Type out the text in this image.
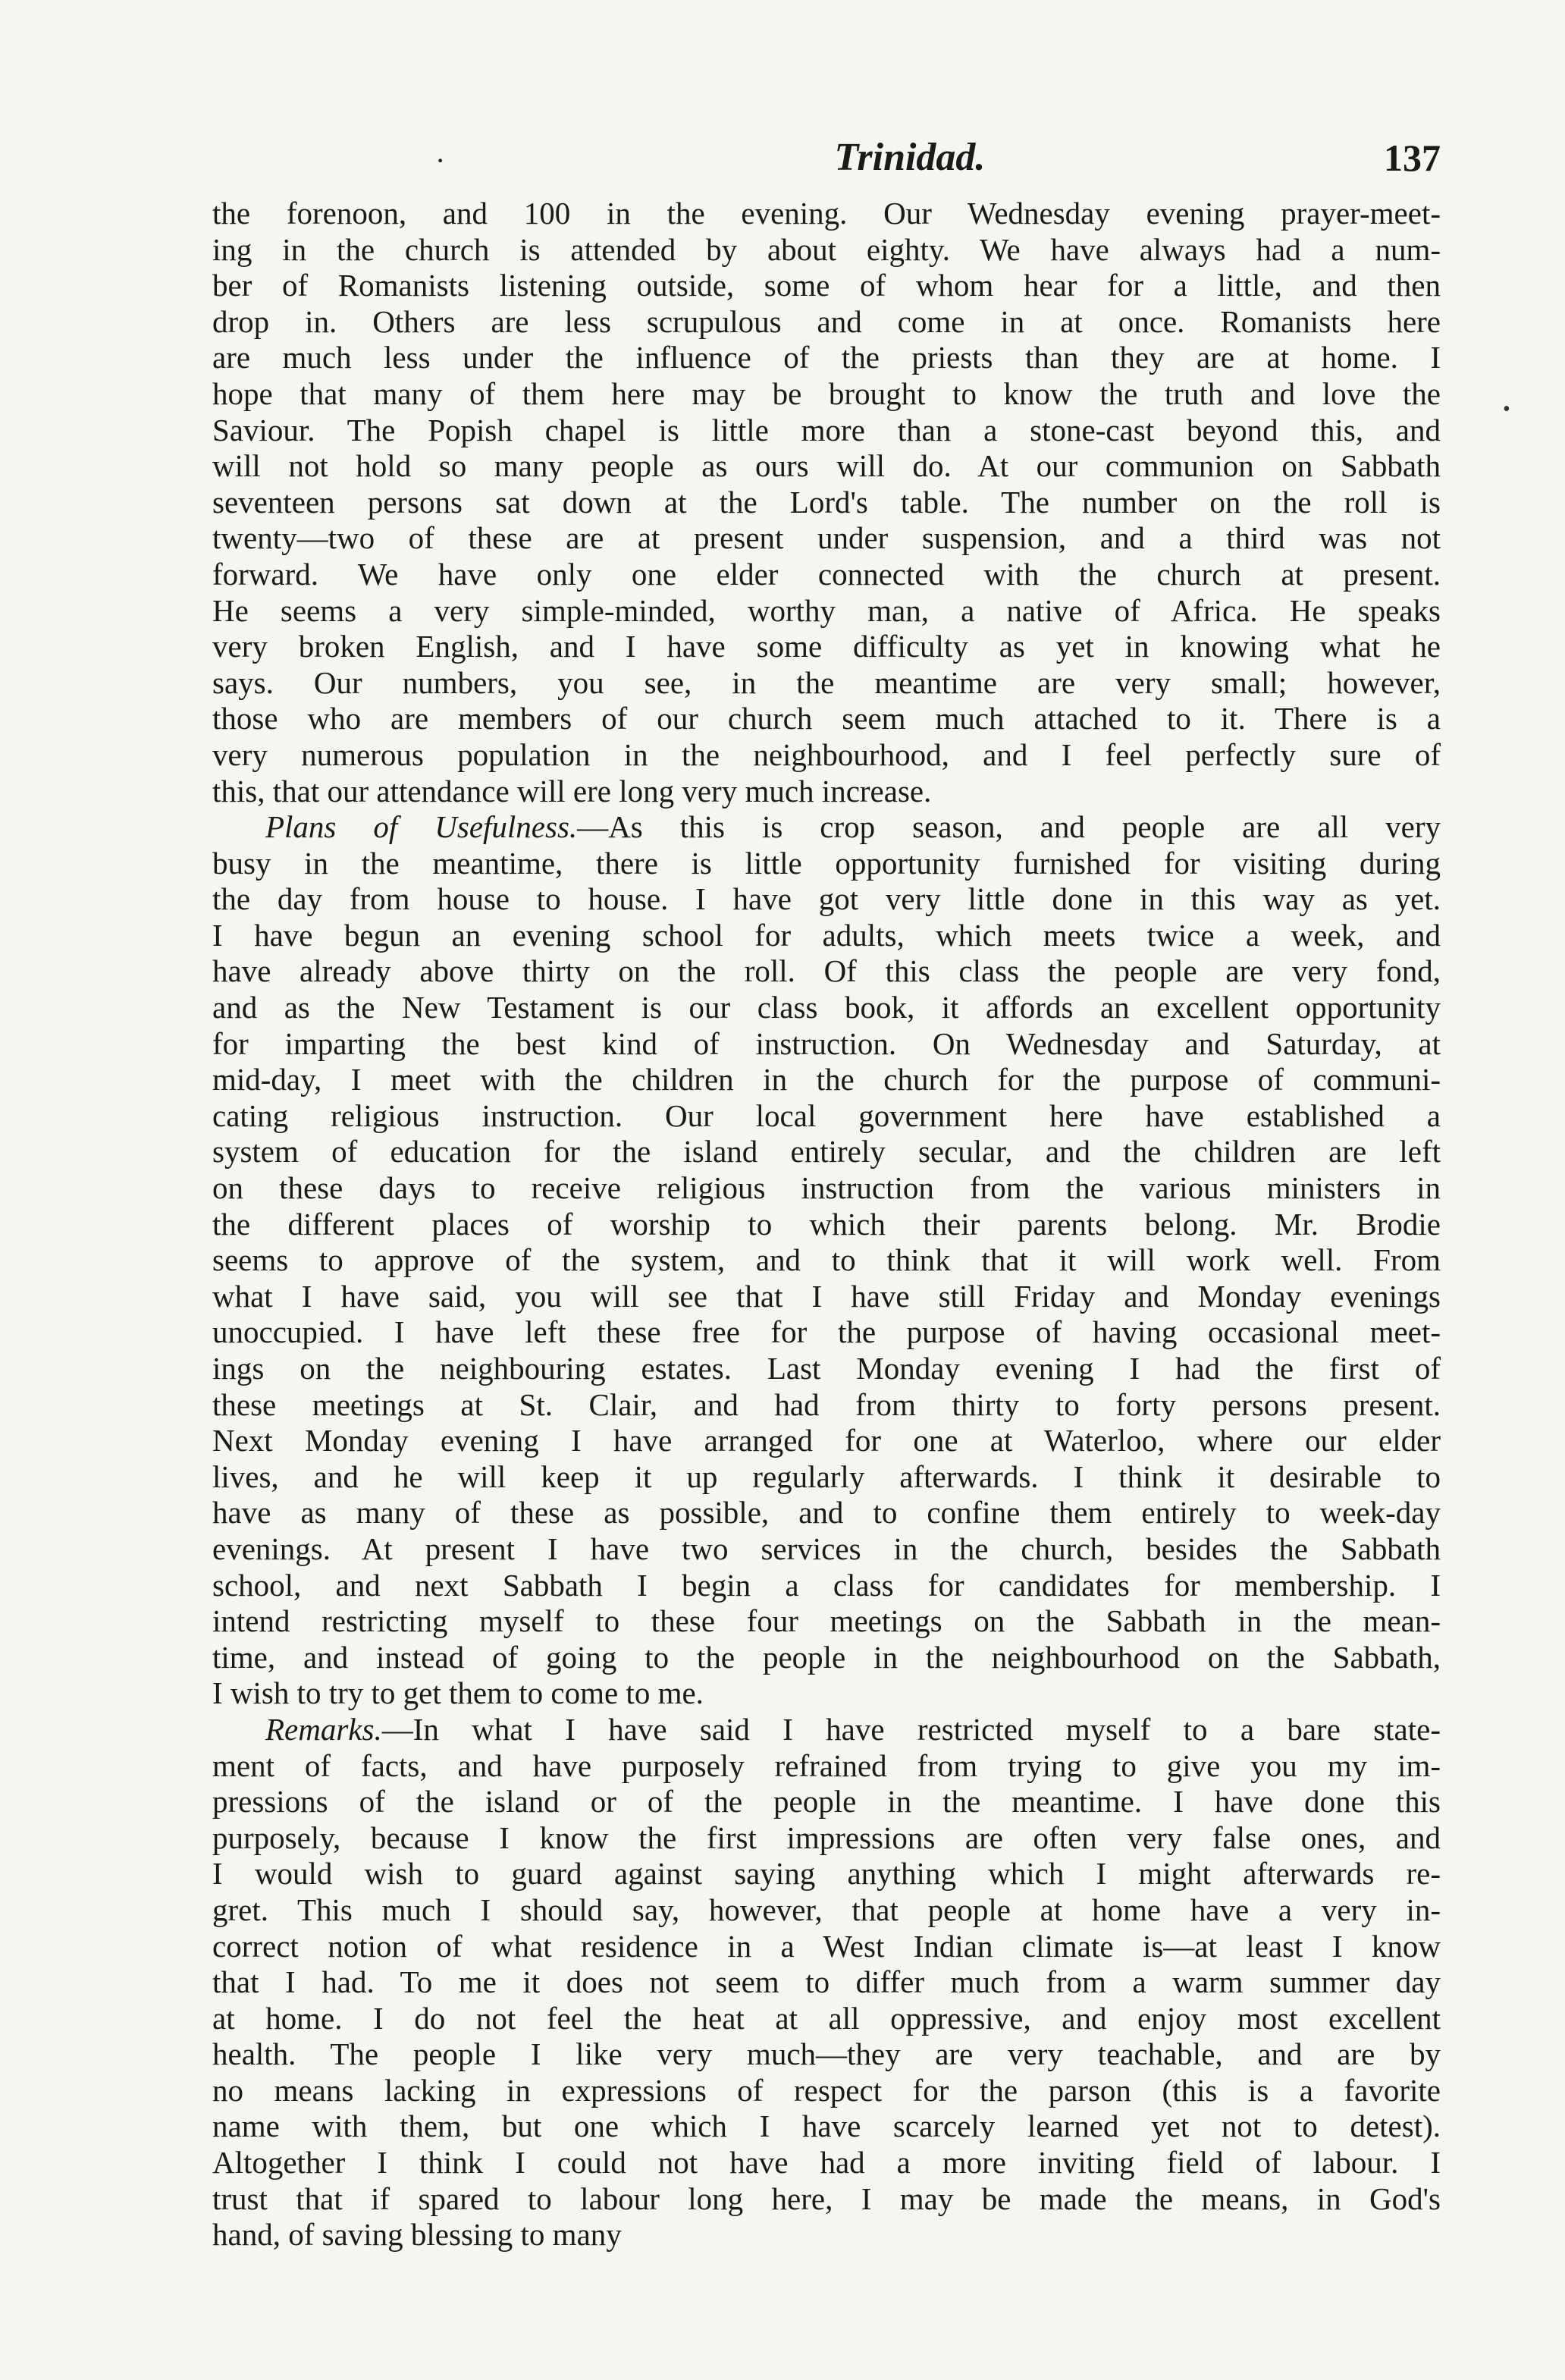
·	Trinidad.	137
•
the forenoon, and 100 in the evening. Our Wednesday evening prayer-meet-
ing in the church is attended by about eighty. We have always had a num-
ber of Romanists listening outside, some of whom hear for a little, and then
drop in. Others are less scrupulous and come in at once. Romanists here
are much less under the influence of the priests than they are at home. I
hope that many of them here may be brought to know the truth and love the
Saviour. The Popish chapel is little more than a stone-cast beyond this, and
will not hold so many people as ours will do. At our communion on Sabbath
seventeen persons sat down at the Lord's table. The number on the roll is
twenty—two of these are at present under suspension, and a third was not
forward. We have only one elder connected with the church at present.
He seems a very simple-minded, worthy man, a native of Africa. He speaks
very broken English, and I have some difficulty as yet in knowing what he
says. Our numbers, you see, in the meantime are very small; however,
those who are members of our church seem much attached to it. There is a
very numerous population in the neighbourhood, and I feel perfectly sure of
this, that our attendance will ere long very much increase.
Plans of Usefulness.—As this is crop season, and people are all very
busy in the meantime, there is little opportunity furnished for visiting during
the day from house to house. I have got very little done in this way as yet.
I have begun an evening school for adults, which meets twice a week, and
have already above thirty on the roll. Of this class the people are very fond,
and as the New Testament is our class book, it affords an excellent opportunity
for imparting the best kind of instruction. On Wednesday and Saturday, at
mid-day, I meet with the children in the church for the purpose of communi-
cating religious instruction. Our local government here have established a
system of education for the island entirely secular, and the children are left
on these days to receive religious instruction from the various ministers in
the different places of worship to which their parents belong. Mr. Brodie
seems to approve of the system, and to think that it will work well. From
what I have said, you will see that I have still Friday and Monday evenings
unoccupied. I have left these free for the purpose of having occasional meet-
ings on the neighbouring estates. Last Monday evening I had the first of
these meetings at St. Clair, and had from thirty to forty persons present.
Next Monday evening I have arranged for one at Waterloo, where our elder
lives, and he will keep it up regularly afterwards. I think it desirable to
have as many of these as possible, and to confine them entirely to week-day
evenings. At present I have two services in the church, besides the Sabbath
school, and next Sabbath I begin a class for candidates for membership. I
intend restricting myself to these four meetings on the Sabbath in the mean-
time, and instead of going to the people in the neighbourhood on the Sabbath,
I wish to try to get them to come to me.
Remarks.—In what I have said I have restricted myself to a bare state-
ment of facts, and have purposely refrained from trying to give you my im-
pressions of the island or of the people in the meantime. I have done this
purposely, because I know the first impressions are often very false ones, and
I would wish to guard against saying anything which I might afterwards re-
gret. This much I should say, however, that people at home have a very in-
correct notion of what residence in a West Indian climate is—at least I know
that I had. To me it does not seem to differ much from a warm summer day
at home. I do not feel the heat at all oppressive, and enjoy most excellent
health. The people I like very much—they are very teachable, and are by
no means lacking in expressions of respect for the parson (this is a favorite
name with them, but one which I have scarcely learned yet not to detest).
Altogether I think I could not have had a more inviting field of labour. I
trust that if spared to labour long here, I may be made the means, in God's
hand, of saving blessing to many
